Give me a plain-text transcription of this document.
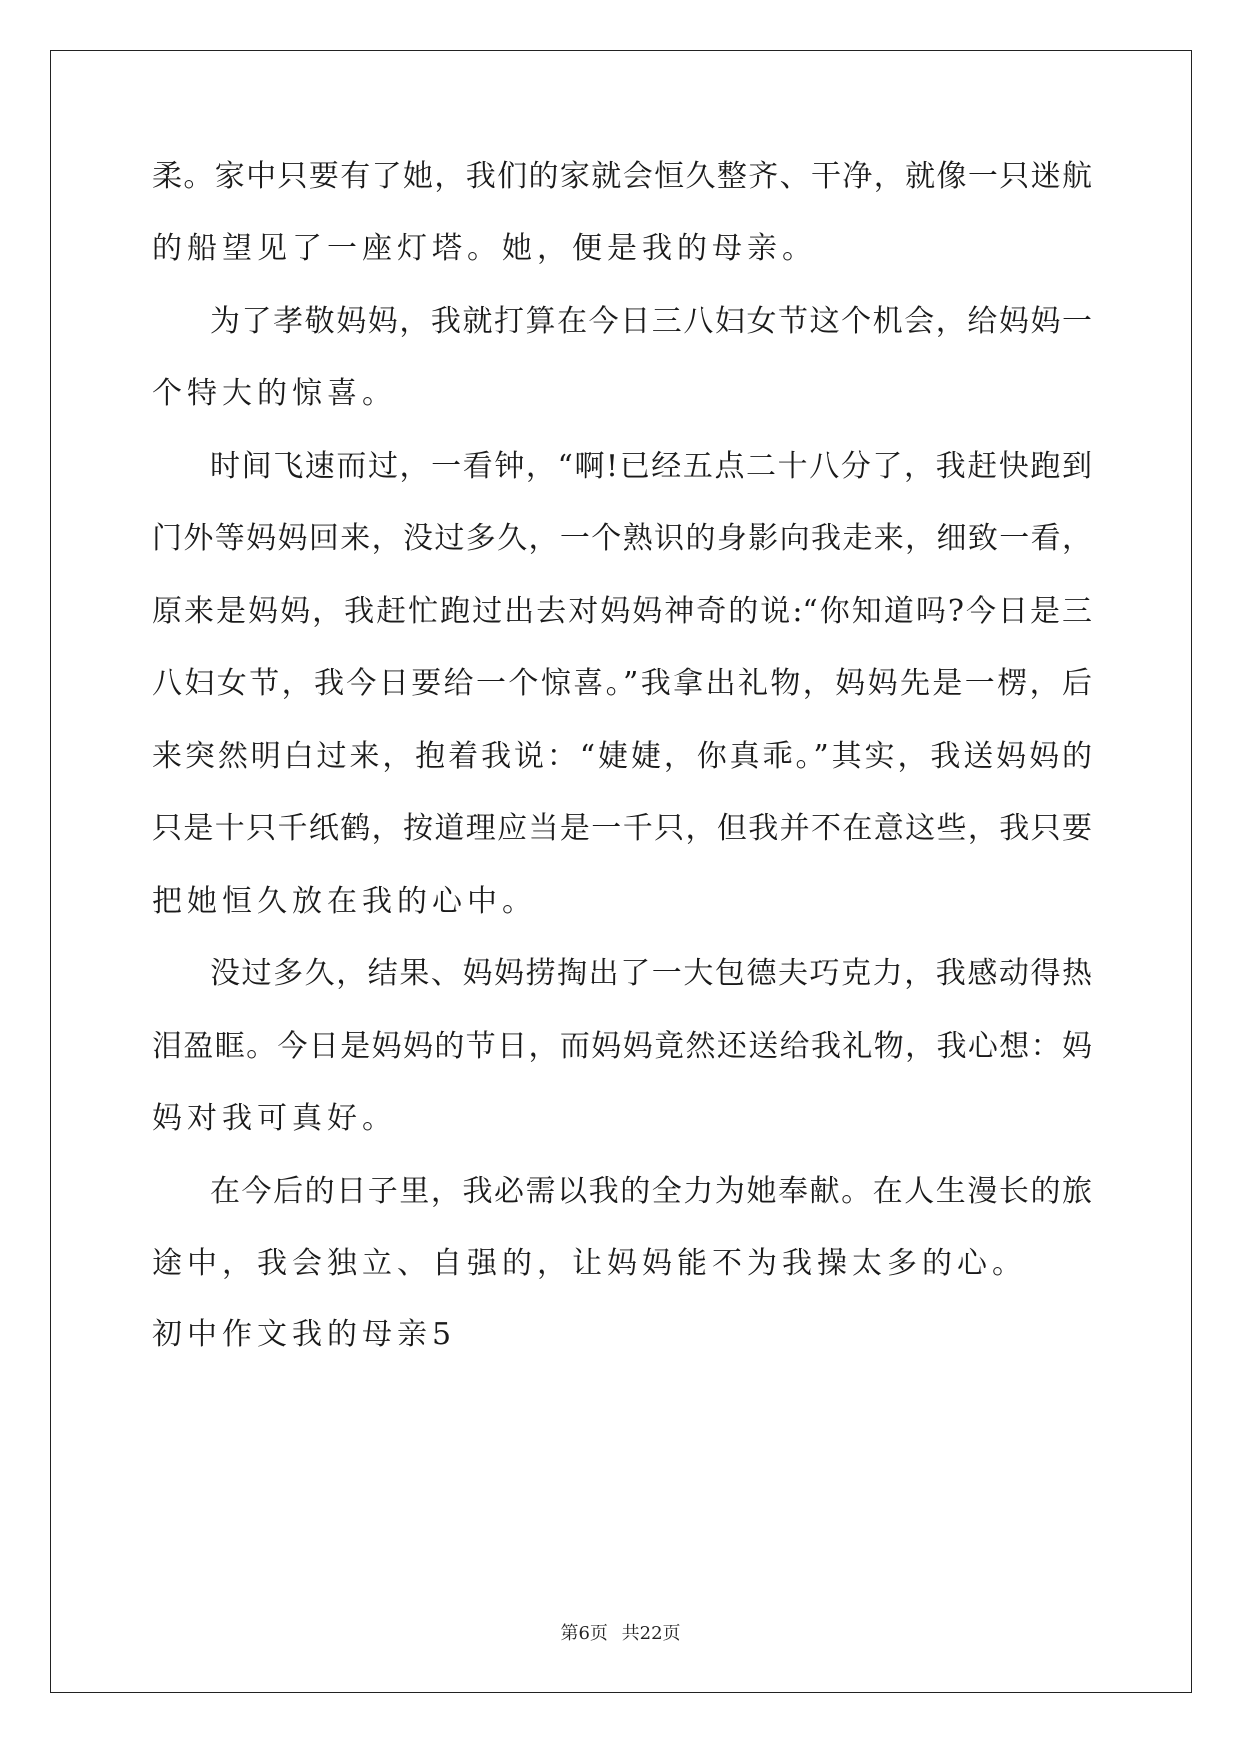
柔。家中只要有了她，我们的家就会恒久整齐、干净，就像一只迷航
的船望见了一座灯塔。她，便是我的母亲。
为了孝敬妈妈，我就打算在今日三八妇女节这个机会，给妈妈一
个特大的惊喜。
时间飞速而过，一看钟，“啊!已经五点二十八分了，我赶快跑到
门外等妈妈回来，没过多久，一个熟识的身影向我走来，细致一看，
原来是妈妈，我赶忙跑过出去对妈妈神奇的说:“你知道吗?今日是三
八妇女节，我今日要给一个惊喜。”我拿出礼物，妈妈先是一楞，后
来突然明白过来，抱着我说：“婕婕，你真乖。”其实，我送妈妈的
只是十只千纸鹤，按道理应当是一千只，但我并不在意这些，我只要
把她恒久放在我的心中。
没过多久，结果、妈妈捞掏出了一大包德夫巧克力，我感动得热
泪盈眶。今日是妈妈的节日，而妈妈竟然还送给我礼物，我心想：妈
妈对我可真好。
在今后的日子里，我必需以我的全力为她奉献。在人生漫长的旅
途中，我会独立、自强的，让妈妈能不为我操太多的心。
初中作文我的母亲5
第6页 共22页
